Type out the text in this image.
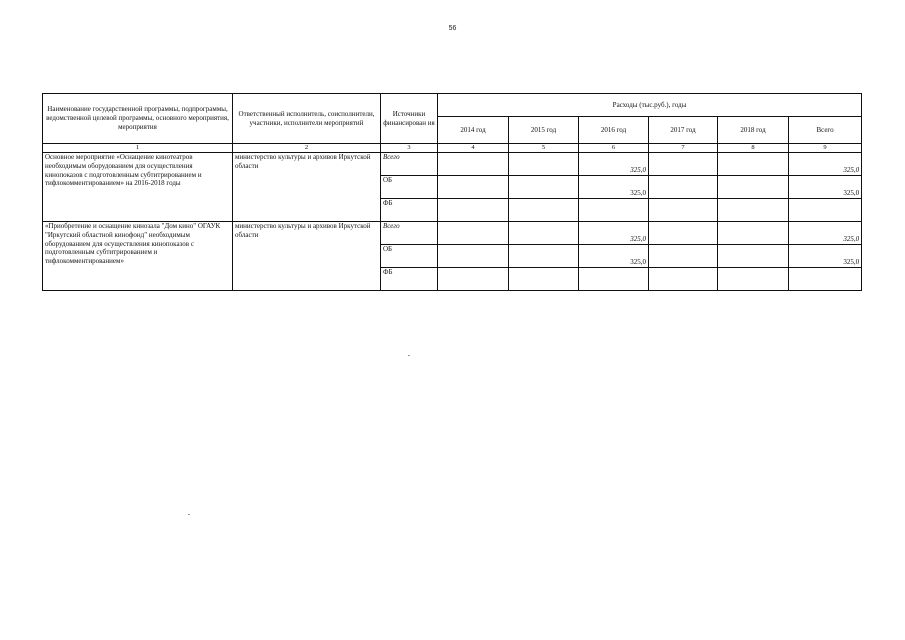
56
Наименование государственной программы, подпрограммы, ведомственной целевой программы, основного мероприятия, мероприятия	Ответственный исполнитель, соисполнители, участники, исполнители мероприятий	Источники финансирован ия	Расходы (тыс.руб.), годы					
			2014 год	2015 год	2016 год	2017 год	2018 год	Всего
1	2	3	4	5	6	7	8	9
Основное мероприятие «Оснащение кинотеатров необходимым оборудованием для осуществления кинопоказов с подготовленным субтитрированием и тифлокомментированием» на 2016-2018 годы	министерство культуры и архивов Иркутской области	Всего			325,0			325,0
		ОБ			325,0			325,0
		ФБ						
«Приобретение и оснащение кинозала "Дом кино" ОГАУК "Иркутский областной кинофонд" необходимым оборудованием для осуществления кинопоказов с подготовленным субтитрированием и тифлокомментированием»	министерство культуры и архивов Иркутской области	Всего			325,0			325,0
		ОБ			325,0			325,0
		ФБ						
